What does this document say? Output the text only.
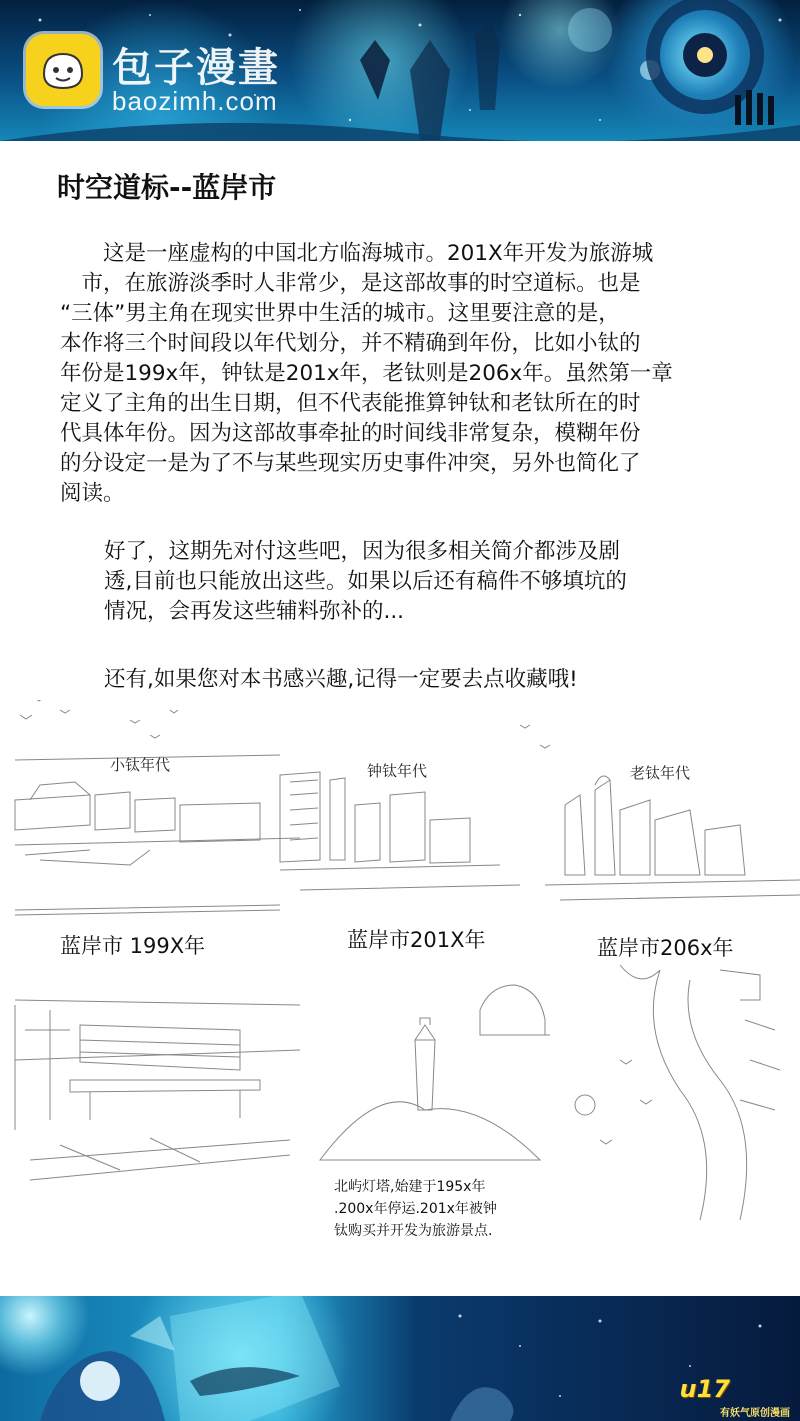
包子漫畫
baozimh.com
时空道标--蓝岸市
　　这是一座虚构的中国北方临海城市。201X年开发为旅游城
　市，在旅游淡季时人非常少，是这部故事的时空道标。也是
“三体”男主角在现实世界中生活的城市。这里要注意的是，
本作将三个时间段以年代划分，并不精确到年份，比如小钛的
年份是199x年，钟钛是201x年，老钛则是206x年。虽然第一章
定义了主角的出生日期，但不代表能推算钟钛和老钛所在的时
代具体年份。因为这部故事牵扯的时间线非常复杂，模糊年份
的分设定一是为了不与某些现实历史事件冲突，另外也简化了
阅读。
好了，这期先对付这些吧，因为很多相关简介都涉及剧
透,目前也只能放出这些。如果以后还有稿件不够填坑的
情况，会再发这些辅料弥补的...
还有,如果您对本书感兴趣,记得一定要去点收藏哦!
小钛年代	钟钛年代	老钛年代
蓝岸市 199X年	蓝岸市201X年	蓝岸市206x年
北屿灯塔,始建于195x年
.200x年停运.201x年被钟
钛购买并开发为旅游景点.
u17
有妖气原创漫画
